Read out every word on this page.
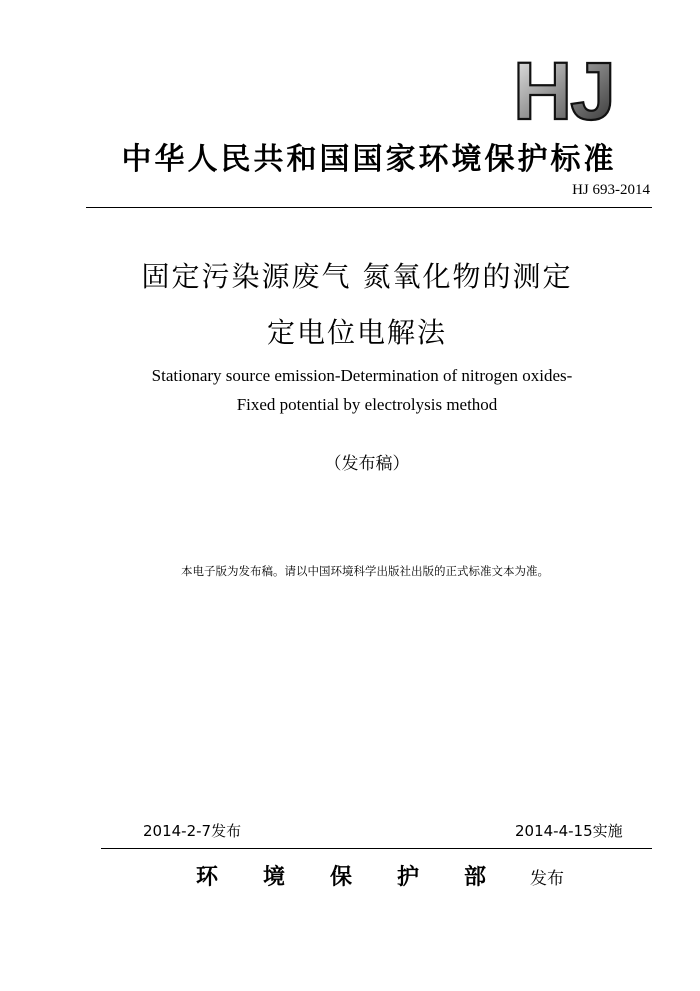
HJ
中华人民共和国国家环境保护标准
HJ 693-2014
固定污染源废气 氮氧化物的测定
定电位电解法
Stationary source emission-Determination of nitrogen oxides-
Fixed potential by electrolysis method
（发布稿）
本电子版为发布稿。请以中国环境科学出版社出版的正式标准文本为准。
2014-2-7发布	2014-4-15实施
环	境	保	护	部	发布
